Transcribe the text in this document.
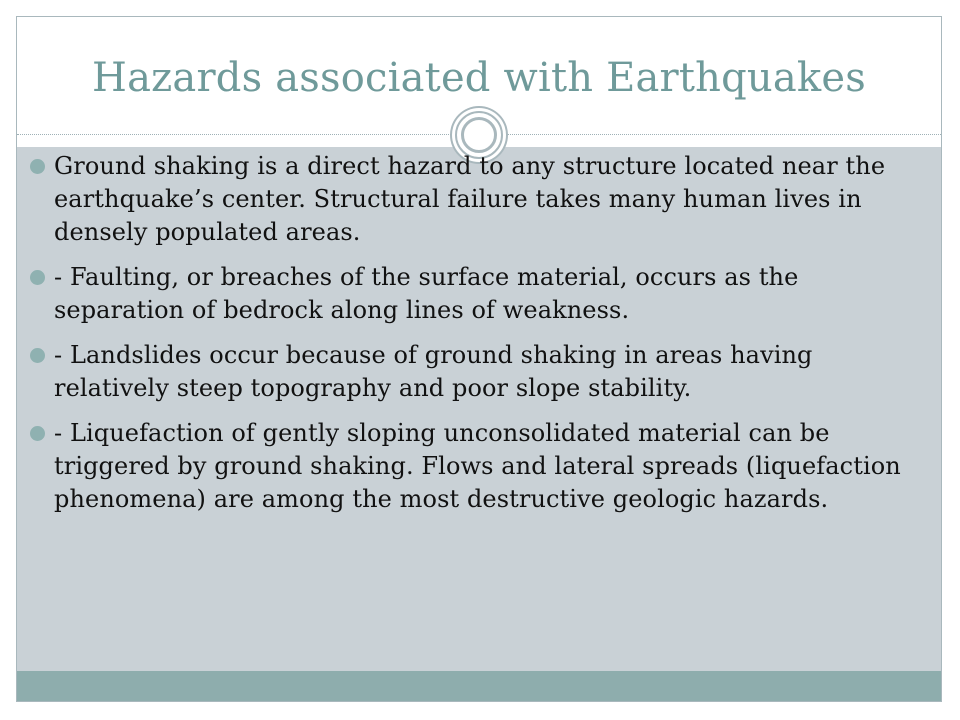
Hazards associated with Earthquakes
Ground shaking is a direct hazard to any structure located near the earthquake’s center. Structural failure takes many human lives in densely populated areas.
- Faulting, or breaches of the surface material, occurs as the separation of bedrock along lines of weakness.
- Landslides occur because of ground shaking in areas having relatively steep topography and poor slope stability.
- Liquefaction of gently sloping unconsolidated material can be triggered by ground shaking. Flows and lateral spreads (liquefaction phenomena) are among the most destructive geologic hazards.
